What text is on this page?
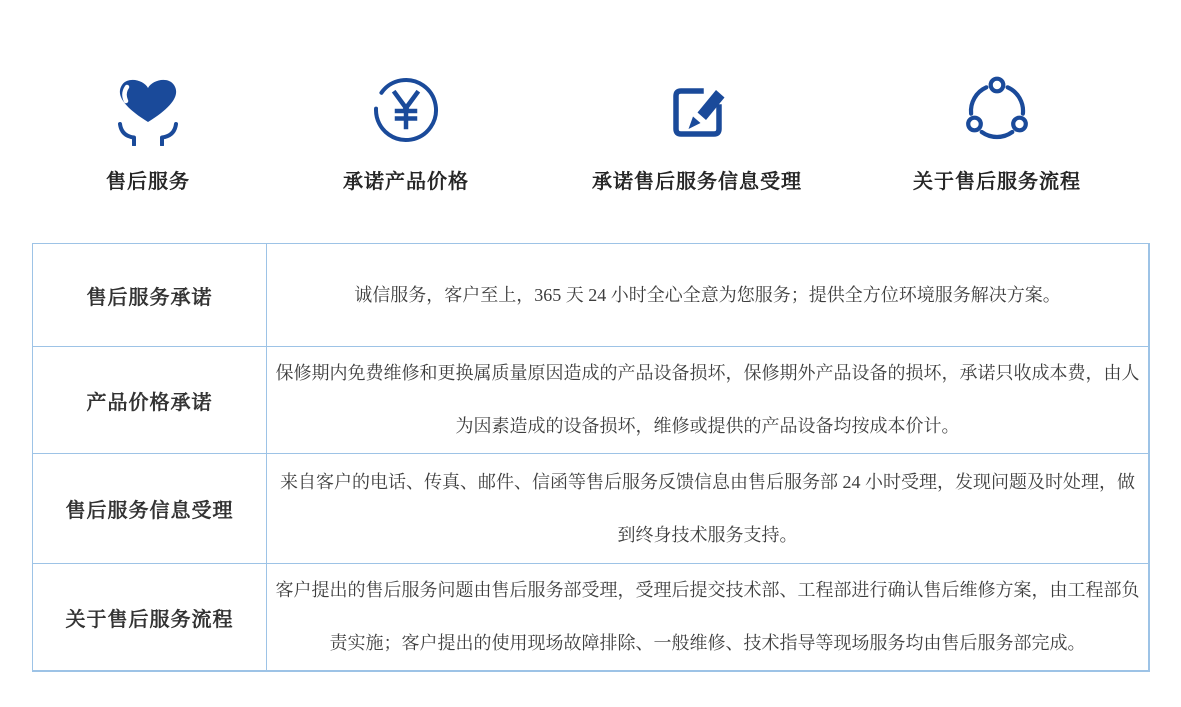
售后服务	承诺产品价格	承诺售后服务信息受理	关于售后服务流程
售后服务承诺	诚信服务，客户至上，365 天 24 小时全心全意为您服务；提供全方位环境服务解决方案。
产品价格承诺	保修期内免费维修和更换属质量原因造成的产品设备损坏，保修期外产品设备的损坏，承诺只收成本费，由人为因素造成的设备损坏，维修或提供的产品设备均按成本价计。
售后服务信息受理	来自客户的电话、传真、邮件、信函等售后服务反馈信息由售后服务部 24 小时受理，发现问题及时处理，做到终身技术服务支持。
关于售后服务流程	客户提出的售后服务问题由售后服务部受理，受理后提交技术部、工程部进行确认售后维修方案，由工程部负责实施；客户提出的使用现场故障排除、一般维修、技术指导等现场服务均由售后服务部完成。
